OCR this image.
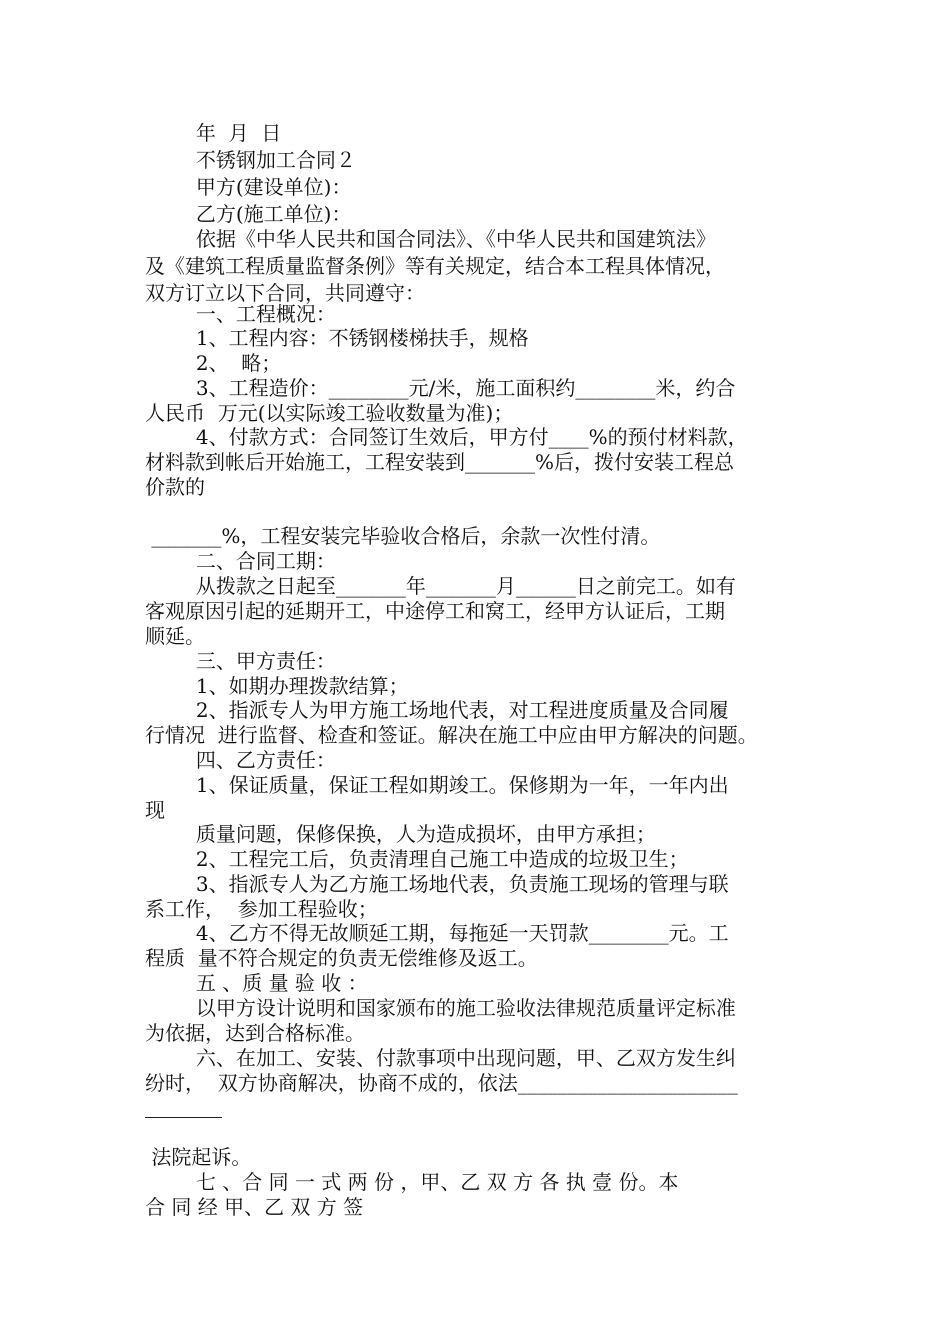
年  月  日
不锈钢加工合同２
甲方(建设单位)：
乙方(施工单位)：
依据《中华人民共和国合同法》、《中华人民共和国建筑法》
及《建筑工程质量监督条例》等有关规定，结合本工程具体情况，
双方订立以下合同，共同遵守：
一、工程概况：
1、工程内容：不锈钢楼梯扶手，规格
2、  略；
3、工程造价：________元/米，施工面积约________米，约合
人民币  万元(以实际竣工验收数量为准)；
4、付款方式：合同签订生效后，甲方付____%的预付材料款，
材料款到帐后开始施工，工程安装到_______%后，拨付安装工程总
价款的
_______%，工程安装完毕验收合格后，余款一次性付清。
二、合同工期：
从拨款之日起至_______年_______月______日之前完工。如有
客观原因引起的延期开工，中途停工和窝工，经甲方认证后，工期
顺延。
三、甲方责任：
1、如期办理拨款结算；
2、指派专人为甲方施工场地代表，对工程进度质量及合同履
行情况  进行监督、检查和签证。解决在施工中应由甲方解决的问题。
四、乙方责任：
1、保证质量，保证工程如期竣工。保修期为一年，一年内出
现
质量问题，保修保换，人为造成损坏，由甲方承担；
2、工程完工后，负责清理自己施工中造成的垃圾卫生；
3、指派专人为乙方施工场地代表，负责施工现场的管理与联
系工作，  参加工程验收；
4、乙方不得无故顺延工期，每拖延一天罚款________元。工
程质  量不符合规定的负责无偿维修及返工。
五 、质 量 验 收 ：
以甲方设计说明和国家颁布的施工验收法律规范质量评定标准
为依据，达到合格标准。
六、在加工、安装、付款事项中出现问题，甲、乙双方发生纠
纷时，  双方协商解决，协商不成的，依法______________________
法院起诉。
七 、合 同 一 式 两 份 ，甲、乙 双 方 各 执 壹 份。本
合 同 经 甲、乙 双 方 签
